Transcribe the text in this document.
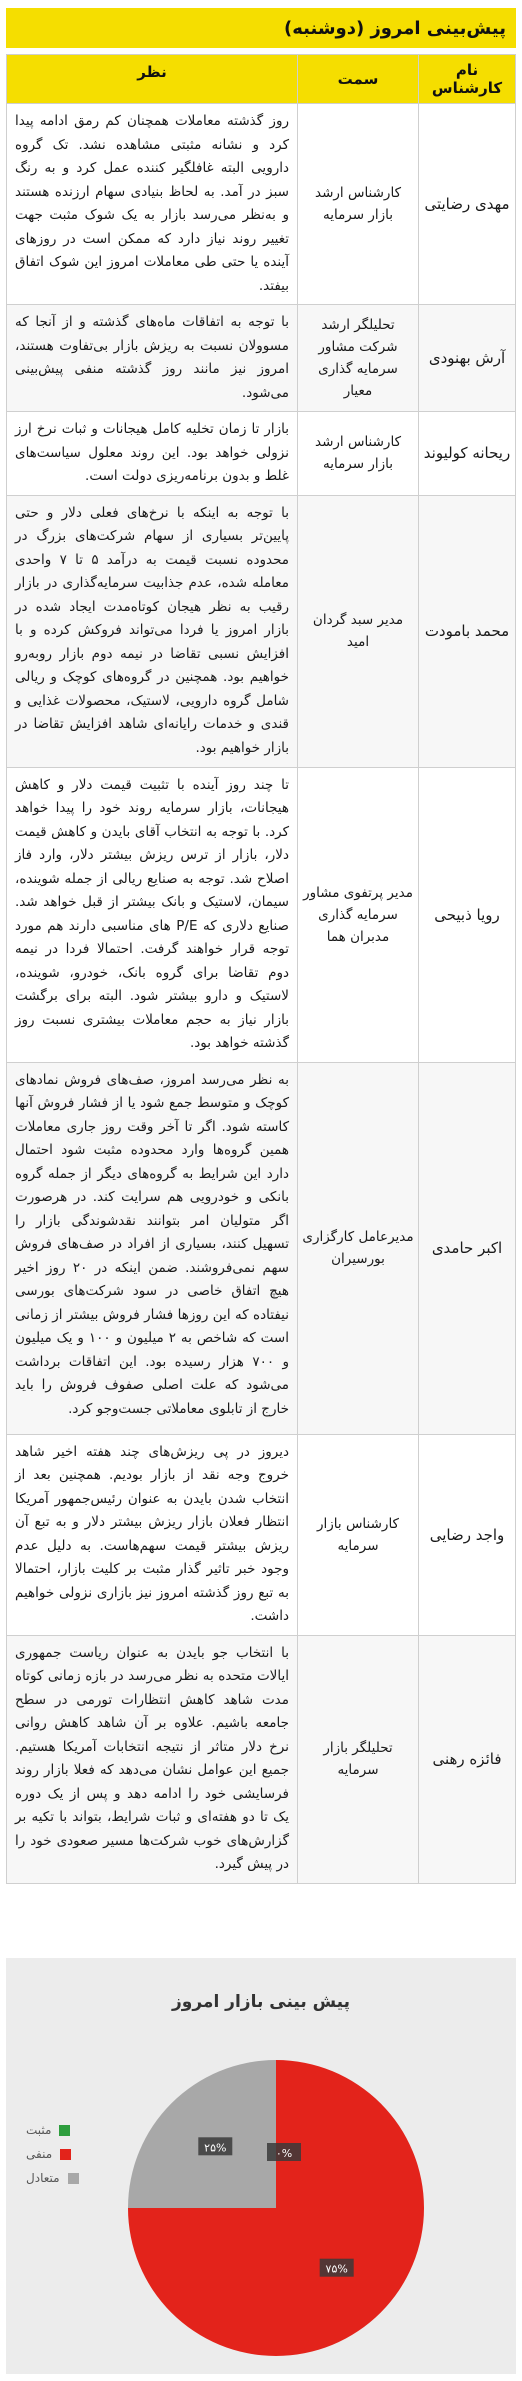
پیش‌بینی امروز (دوشنبه)
نام کارشناس	سمت	نظر
مهدی رضایتی	کارشناس ارشد بازار سرمایه	روز گذشته معاملات همچنان کم رمق ادامه پیدا کرد و نشانه مثبتی مشاهده نشد. تک گروه دارویی البته غافلگیر کننده عمل کرد و به رنگ سبز در آمد. به لحاظ بنیادی سهام ارزنده هستند و به‌نظر می‌رسد بازار به یک شوک مثبت جهت تغییر روند نیاز دارد که ممکن است در روزهای آینده یا حتی طی معاملات امروز این شوک اتفاق بیفتد.
آرش بهنودی	تحلیلگر ارشد شرکت مشاور سرمایه گذاری معیار	با توجه به اتفاقات ماه‌های گذشته و از آنجا که مسوولان نسبت به ریزش بازار بی‌تفاوت هستند، امروز نیز مانند روز گذشته منفی پیش‌بینی می‌شود.
ریحانه کولیوند	کارشناس ارشد بازار سرمایه	بازار تا زمان تخلیه کامل هیجانات و ثبات نرخ ارز نزولی خواهد بود. این روند معلول سیاست‌های غلط و بدون برنامه‌ریزی دولت است.
محمد بامودت	مدیر سبد گردان امید	با توجه به اینکه با نرخ‌های فعلی دلار و حتی پایین‌تر بسیاری از سهام شرکت‌های بزرگ در محدوده نسبت قیمت به درآمد ۵ تا ۷ واحدی معامله شده، عدم جذابیت سرمایه‌گذاری در بازار رقیب به نظر هیجان کوتاه‌مدت ایجاد شده در بازار امروز یا فردا می‌تواند فروکش کرده و با افزایش نسبی تقاضا در نیمه دوم بازار روبه‌رو خواهیم بود. همچنین در گروه‌های کوچک و ریالی شامل گروه دارویی، لاستیک، محصولات غذایی و قندی و خدمات رایانه‌ای شاهد افزایش تقاضا در بازار خواهیم بود.
رویا ذبیحی	مدیر پرتفوی مشاور سرمایه گذاری مدبران هما	تا چند روز آینده با تثبیت قیمت دلار و کاهش هیجانات، بازار سرمایه روند خود را پیدا خواهد کرد. با توجه به انتخاب آقای بایدن و کاهش قیمت دلار، بازار از ترس ریزش بیشتر دلار، وارد فاز اصلاح شد. توجه به صنایع ریالی از جمله شوینده، سیمان، لاستیک و بانک بیشتر از قبل خواهد شد. صنایع دلاری که P/E های مناسبی دارند هم مورد توجه قرار خواهند گرفت. احتمالا فردا در نیمه دوم تقاضا برای گروه بانک، خودرو، شوینده، لاستیک و دارو بیشتر شود. البته برای برگشت بازار نیاز به حجم معاملات بیشتری نسبت روز گذشته خواهد بود.
اکبر حامدی	مدیرعامل کارگزاری بورسیران	به نظر می‌رسد امروز، صف‌های فروش نمادهای کوچک و متوسط جمع شود یا از فشار فروش آنها کاسته شود. اگر تا آخر وقت روز جاری معاملات همین گروه‌ها وارد محدوده مثبت شود احتمال دارد این شرایط به گروه‌های دیگر از جمله گروه بانکی و خودرویی هم سرایت کند. در هرصورت اگر متولیان امر بتوانند نقدشوندگی بازار را تسهیل کنند، بسیاری از افراد در صف‌های فروش سهم نمی‌فروشند. ضمن اینکه در ۲۰ روز اخیر هیچ اتفاق خاصی در سود شرکت‌های بورسی نیفتاده که این روزها فشار فروش بیشتر از زمانی است که شاخص به ۲ میلیون و ۱۰۰ و یک میلیون و ۷۰۰ هزار رسیده بود. این اتفاقات برداشت می‌شود که علت اصلی صفوف فروش را باید خارج از تابلوی معاملاتی جست‌وجو کرد.
واجد رضایی	کارشناس بازار سرمایه	دیروز در پی ریزش‌های چند هفته اخیر شاهد خروج وجه نقد از بازار بودیم. همچنین بعد از انتخاب شدن بایدن به عنوان رئیس‌جمهور آمریکا انتظار فعلان بازار ریزش بیشتر دلار و به تبع آن ریزش بیشتر قیمت سهم‌هاست. به دلیل عدم وجود خبر تاثیر گذار مثبت بر کلیت بازار، احتمالا به تبع روز گذشته امروز نیز بازاری نزولی خواهیم داشت.
فائزه رهنی	تحلیلگر بازار سرمایه	با انتخاب جو بایدن به عنوان ریاست جمهوری ایالات متحده به نظر می‌رسد در بازه زمانی کوتاه مدت شاهد کاهش انتظارات تورمی در سطح جامعه باشیم. علاوه بر آن شاهد کاهش روانی نرخ دلار متاثر از نتیجه انتخابات آمریکا هستیم. جمیع این عوامل نشان می‌دهد که فعلا بازار روند فرسایشی خود را ادامه دهد و پس از یک دوره یک تا دو هفته‌ای و ثبات شرایط، بتواند با تکیه بر گزارش‌های خوب شرکت‌ها مسیر صعودی خود را در پیش گیرد.
پیش بینی بازار امروز
۲۵%
۷۵%
۰%
مثبت
منفی
متعادل
